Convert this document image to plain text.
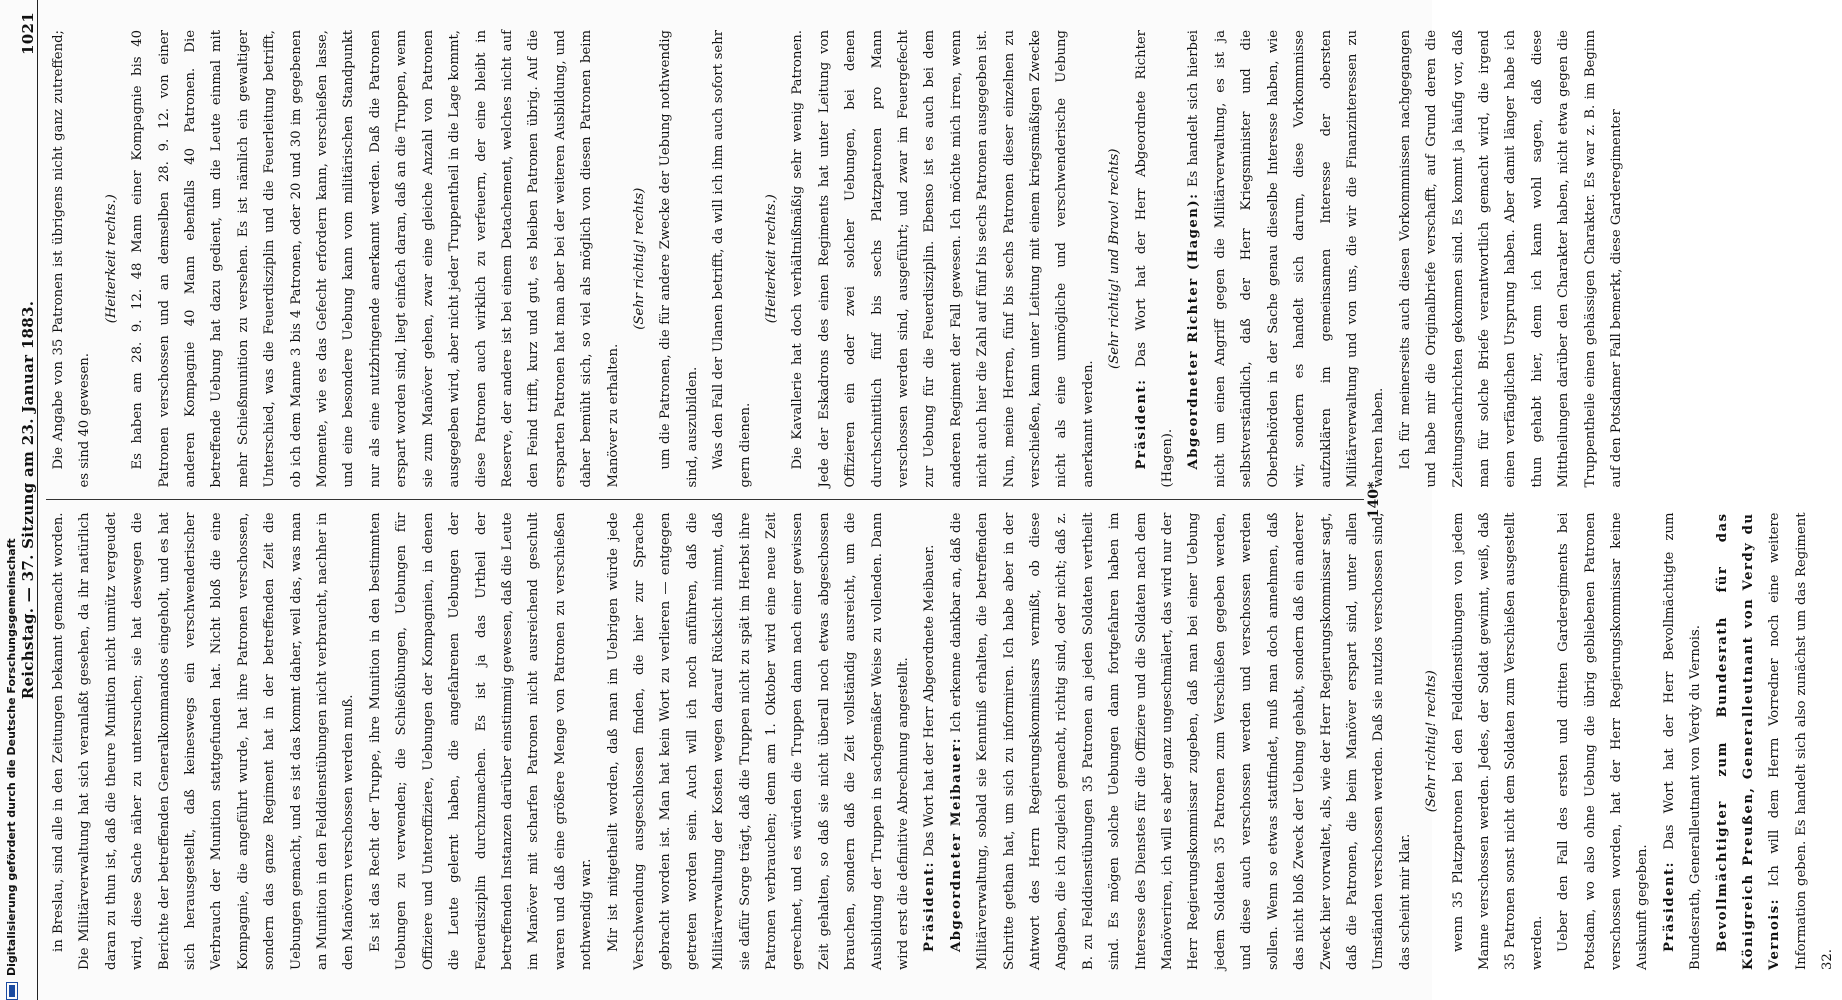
Reichstag. — 37. Sitzung am 23. Januar 1883.
1021

in Breslau, sind alle in den Zeitungen bekannt gemacht worden. Die Militärverwaltung hat sich veranlaßt gesehen, da ihr natürlich daran zu thun ist, daß die theure Munition nicht unnütz vergeudet wird, diese Sache näher zu untersuchen; sie hat deswegen die Berichte der betreffenden Generalkommandos eingeholt, und es hat sich herausgestellt, daß keineswegs ein verschwenderischer Verbrauch der Munition stattgefunden hat. Nicht bloß die eine Kompagnie, die angeführt wurde, hat ihre Patronen verschossen, sondern das ganze Regiment hat in der betreffenden Zeit die Uebungen gemacht, und es ist das kommt daher, weil das, was man an Munition in den Felddienstübungen nicht verbraucht, nachher in den Manövern verschossen werden muß. Es ist das Recht der Truppe, ihre Munition in den bestimmten Uebungen zu verwenden; die Schießübungen, Uebungen für Offiziere und Unteroffiziere, Uebungen der Kompagnien, in denen die Leute gelernt haben, die angefahrenen Uebungen der Feuerdisziplin durchzumachen. Es ist ja das Urtheil der betreffenden Instanzen darüber einstimmig gewesen, daß die Leute im Manöver mit scharfen Patronen nicht ausreichend geschult waren und daß eine größere Menge von Patronen zu verschießen nothwendig war. Mir ist mitgetheilt worden, daß man im Uebrigen würde jede Verschwendung ausgeschlossen finden, die hier zur Sprache gebracht worden ist. Man hat kein Wort zu verlieren — entgegen getreten worden sein. Auch will ich noch anführen, daß die Militärverwaltung der Kosten wegen darauf Rücksicht nimmt, daß sie dafür Sorge trägt, daß die Truppen nicht zu spät im Herbst ihre Patronen verbrauchen; denn am 1. Oktober wird eine neue Zeit gerechnet, und es würden die Truppen dann nach einer gewissen Zeit gehalten, so daß sie nicht überall noch etwas abgeschossen brauchen, sondern daß die Zeit vollständig ausreicht, um die Ausbildung der Truppen in sachgemäßer Weise zu vollenden. Dann wird erst die definitive Abrechnung angestellt. Präsident: Das Wort hat der Herr Abgeordnete Meibauer. Abgeordneter Meibauer: Ich erkenne dankbar an, daß die Militärverwaltung, sobald sie Kenntniß erhalten, die betreffenden Schritte gethan hat, um sich zu informiren. Ich habe aber in der Antwort des Herrn Regierungskommissars vermißt, ob diese Angaben, die ich zugleich gemacht, richtig sind, oder nicht; daß z. B. zu Felddienstübungen 35 Patronen an jeden Soldaten vertheilt sind. Es mögen solche Uebungen dann fortgefahren haben im Interesse des Dienstes für die Offiziere und die Soldaten nach dem Manöveriren, ich will es aber ganz ungeschmälert, das wird nur der Herr Regierungskommissar zugeben, daß man bei einer Uebung jedem Soldaten 35 Patronen zum Verschießen gegeben werden, und diese auch verschossen werden und verschossen werden sollen. Wenn so etwas stattfindet, muß man doch annehmen, daß das nicht bloß Zweck der Uebung gehabt, sondern daß ein anderer Zweck hier vorwaltet, als, wie der Herr Regierungskommissar sagt, daß die Patronen, die beim Manöver erspart sind, unter allen Umständen verschossen werden. Daß sie nutzlos verschossen sind, das scheint mir klar.

(Sehr richtig! rechts) wenn 35 Platzpatronen bei den Felddienstübungen von jedem Manne verschossen werden. Jedes, der Soldat gewinnt, weiß, daß 35 Patronen sonst nicht dem Soldaten zum Verschießen ausgestellt werden. Ueber den Fall des ersten und dritten Garderegiments bei Potsdam, wo also ohne Uebung die übrig gebliebenen Patronen verschossen worden, hat der Herr Regierungskommissar keine Auskunft gegeben. Präsident: Das Wort hat der Herr Bevollmächtigte zum Bundesrath, Generalleutnant von Verdy du Vernois. Bevollmächtigter zum Bundesrath für das Königreich Preußen, Generalleutnant von Verdy du Vernois: Ich will dem Herrn Vorredner noch eine weitere Information geben. Es handelt sich also zunächst um das Regiment 32.

Die Angabe von 35 Patronen ist übrigens nicht ganz zutreffend; es sind 40 gewesen.

(Heiterkeit rechts.) Es haben am 28. 9. 12. 48 Mann einer Kompagnie bis 40 Patronen verschossen und an demselben 28. 9. 12. von einer anderen Kompagnie 40 Mann ebenfalls 40 Patronen. Die betreffende Uebung hat dazu gedient, um die Leute einmal mit mehr Schießmunition zu versehen. Es ist nämlich ein gewaltiger Unterschied, was die Feuerdisziplin und die Feuerleitung betrifft, ob ich dem Manne 3 bis 4 Patronen, oder 20 und 30 im gegebenen Momente, wie es das Gefecht erfordern kann, verschießen lasse, und eine besondere Uebung kann vom militärischen Standpunkt nur als eine nutzbringende anerkannt werden. Daß die Patronen erspart worden sind, liegt einfach daran, daß an die Truppen, wenn sie zum Manöver gehen, zwar eine gleiche Anzahl von Patronen ausgegeben wird, aber nicht jeder Truppentheil in die Lage kommt, diese Patronen auch wirklich zu verfeuern, der eine bleibt in Reserve, der andere ist bei einem Detachement, welches nicht auf den Feind trifft, kurz und gut, es bleiben Patronen übrig. Auf die ersparten Patronen hat man aber bei der weiteren Ausbildung, und daher bemüht sich, so viel als möglich von diesen Patronen beim Manöver zu erhalten.

(Sehr richtig! rechts) um die Patronen, die für andere Zwecke der Uebung nothwendig sind, auszubilden. Was den Fall der Ulanen betrifft, da will ich ihm auch sofort sehr gern dienen.

(Heiterkeit rechts.) Die Kavallerie hat doch verhältnißmäßig sehr wenig Patronen. Jede der Eskadrons des einen Regiments hat unter Leitung von Offizieren ein oder zwei solcher Uebungen, bei denen durchschnittlich fünf bis sechs Platzpatronen pro Mann verschossen werden sind, ausgeführt; und zwar im Feuergefecht zur Uebung für die Feuerdisziplin. Ebenso ist es auch bei dem anderen Regiment der Fall gewesen. Ich möchte mich irren, wenn nicht auch hier die Zahl auf fünf bis sechs Patronen ausgegeben ist. Nun, meine Herren, fünf bis sechs Patronen dieser einzelnen zu verschießen, kann unter Leitung mit einem kriegsmäßigen Zwecke nicht als eine unmögliche und verschwenderische Uebung anerkannt werden.

(Sehr richtig! und Bravo! rechts)

Präsident: Das Wort hat der Herr Abgeordnete Richter (Hagen). Abgeordneter Richter (Hagen): Es handelt sich hierbei nicht um einen Angriff gegen die Militärverwaltung, es ist ja selbstverständlich, daß der Herr Kriegsminister und die Oberbehörden in der Sache genau dieselbe Interesse haben, wie wir, sondern es handelt sich darum, diese Vorkommnisse aufzuklären im gemeinsamen Interesse der obersten Militärverwaltung und von uns, die wir die Finanzinteressen zu wahren haben. Ich für meinerseits auch diesen Vorkommnissen nachgegangen und habe mir die Originalbriefe verschafft, auf Grund deren die Zeitungsnachrichten gekommen sind. Es kommt ja häufig vor, daß man für solche Briefe verantwortlich gemacht wird, die irgend einen verfänglichen Ursprung haben. Aber damit länger habe ich thun gehabt hier, denn ich kann wohl sagen, daß diese Mittheilungen darüber den Charakter haben, nicht etwa gegen die Truppentheile einen gehässigen Charakter. Es war z. B. im Beginn auf den Potsdamer Fall bemerkt, diese Garderegimenter

140*
Digitalisierung gefördert durch die Deutsche Forschungsgemeinschaft
